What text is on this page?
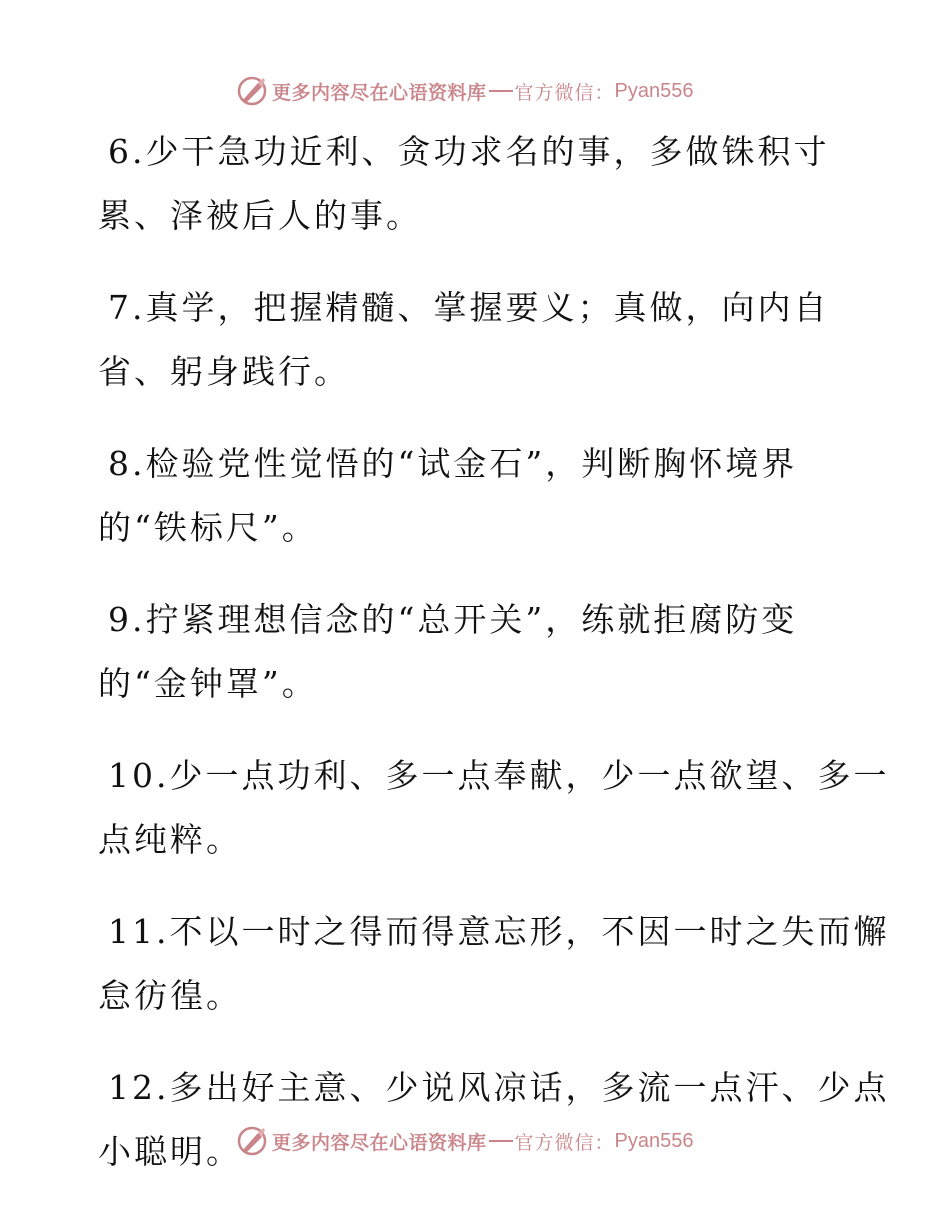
更多内容尽在心语资料库 官方微信： Pyan556

6.少干急功近利、贪功求名的事，多做铢积寸
累、泽被后人的事。

7.真学，把握精髓、掌握要义；真做，向内自
省、躬身践行。

8.检验党性觉悟的“试金石”，判断胸怀境界
的“铁标尺”。

9.拧紧理想信念的“总开关”，练就拒腐防变
的“金钟罩”。

10.少一点功利、多一点奉献，少一点欲望、多一
点纯粹。

11.不以一时之得而得意忘形，不因一时之失而懈
怠彷徨。

12.多出好主意、少说风凉话，多流一点汗、少点
小聪明。	更多内容尽在心语资料库 官方微信： Pyan556
